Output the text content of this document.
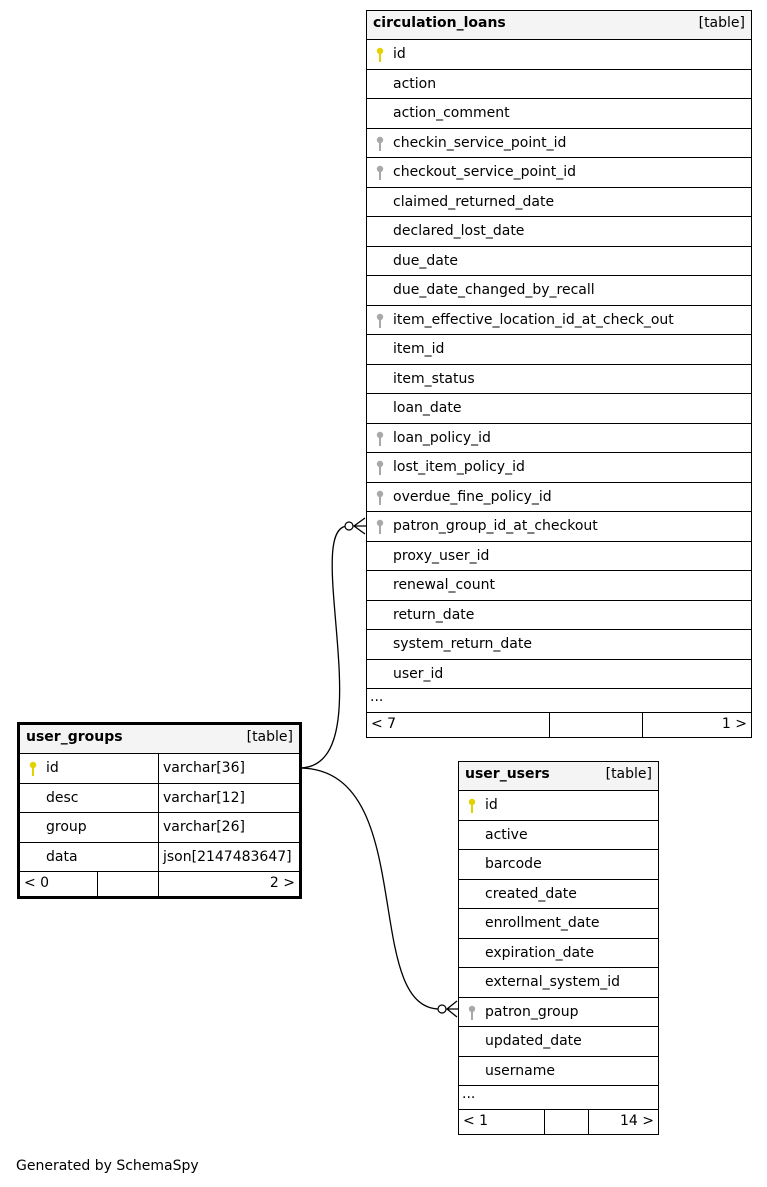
circulation_loans	[table]
id
action
action_comment
checkin_service_point_id
checkout_service_point_id
claimed_returned_date
declared_lost_date
due_date
due_date_changed_by_recall
item_effective_location_id_at_check_out
item_id
item_status
loan_date
loan_policy_id
lost_item_policy_id
overdue_fine_policy_id
patron_group_id_at_checkout
proxy_user_id
renewal_count
return_date
system_return_date
user_id
...
< 7	1 >
user_groups	[table]
id	varchar[36]
desc	varchar[12]
group	varchar[26]
data	json[2147483647]
< 0	2 >
user_users	[table]
id
active
barcode
created_date
enrollment_date
expiration_date
external_system_id
patron_group
updated_date
username
...
< 1	14 >
Generated by SchemaSpy
